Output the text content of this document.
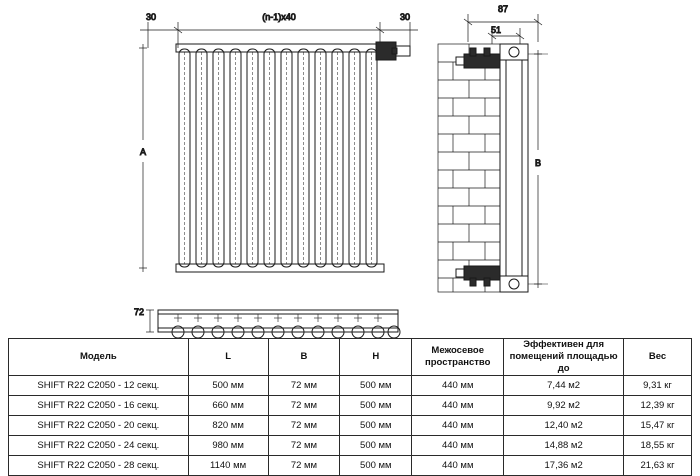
30	(n-1)x40	30
A
72
87
51
B
Модель	L	B	H	Межосевое пространство	Эффективен для помещений площадью до	Вес
SHIFT R22 C2050 - 12 секц.	500 мм	72 мм	500 мм	440 мм	7,44 м2	9,31 кг
SHIFT R22 C2050 - 16 секц.	660 мм	72 мм	500 мм	440 мм	9,92 м2	12,39 кг
SHIFT R22 C2050 - 20 секц.	820 мм	72 мм	500 мм	440 мм	12,40 м2	15,47 кг
SHIFT R22 C2050 - 24 секц.	980 мм	72 мм	500 мм	440 мм	14,88 м2	18,55 кг
SHIFT R22 C2050 - 28 секц.	1140 мм	72 мм	500 мм	440 мм	17,36 м2	21,63 кг
